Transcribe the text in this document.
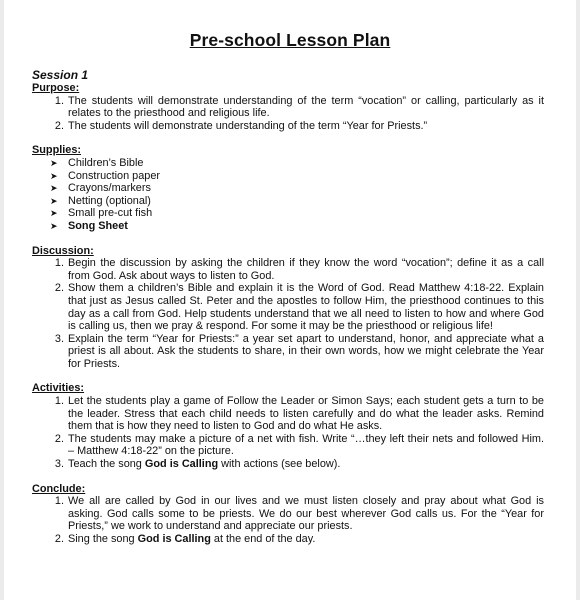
Pre-school Lesson Plan
Session 1
Purpose:
1. The students will demonstrate understanding of the term “vocation” or calling, particularly as it relates to the priesthood and religious life.
2. The students will demonstrate understanding of the term “Year for Priests.”
Supplies:
➤ Children’s Bible
➤ Construction paper
➤ Crayons/markers
➤ Netting (optional)
➤ Small pre-cut fish
➤ Song Sheet
Discussion:
1. Begin the discussion by asking the children if they know the word “vocation”; define it as a call from God. Ask about ways to listen to God.
2. Show them a children’s Bible and explain it is the Word of God. Read Matthew 4:18-22. Explain that just as Jesus called St. Peter and the apostles to follow Him, the priesthood continues to this day as a call from God. Help students understand that we all need to listen to how and where God is calling us, then we pray & respond. For some it may be the priesthood or religious life!
3. Explain the term “Year for Priests:” a year set apart to understand, honor, and appreciate what a priest is all about. Ask the students to share, in their own words, how we might celebrate the Year for Priests.
Activities:
1. Let the students play a game of Follow the Leader or Simon Says; each student gets a turn to be the leader. Stress that each child needs to listen carefully and do what the leader asks. Remind them that is how they need to listen to God and do what He asks.
2. The students may make a picture of a net with fish. Write “…they left their nets and followed Him. – Matthew 4:18-22” on the picture.
3. Teach the song God is Calling with actions (see below).
Conclude:
1. We all are called by God in our lives and we must listen closely and pray about what God is asking. God calls some to be priests. We do our best wherever God calls us. For the “Year for Priests,” we work to understand and appreciate our priests.
2. Sing the song God is Calling at the end of the day.
